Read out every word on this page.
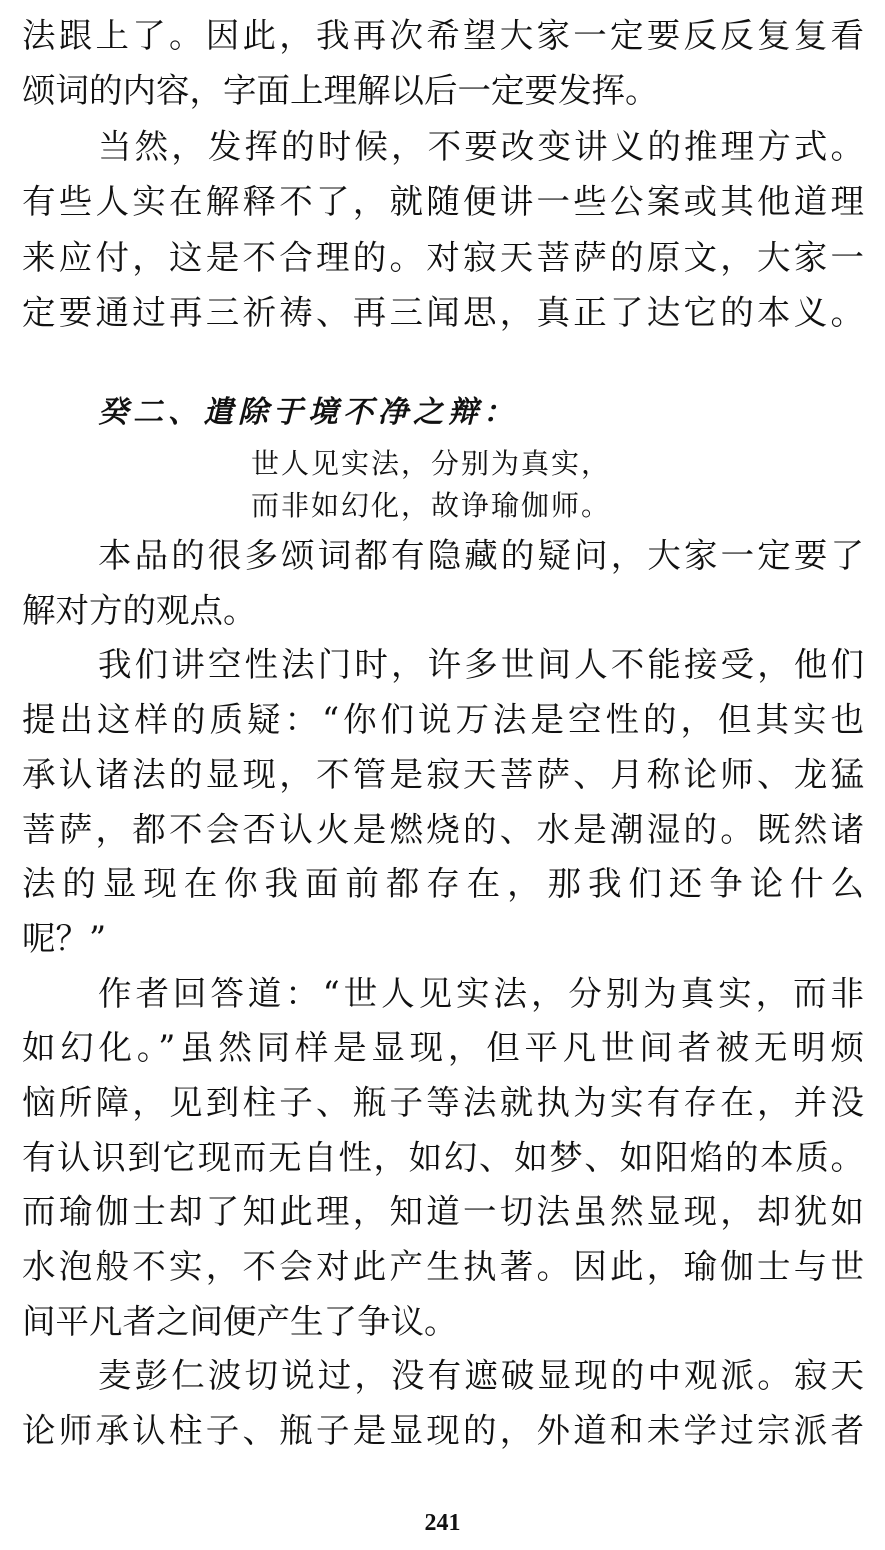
法跟上了。因此，我再次希望大家一定要反反复复看
颂词的内容，字面上理解以后一定要发挥。
当然，发挥的时候，不要改变讲义的推理方式。
有些人实在解释不了，就随便讲一些公案或其他道理
来应付，这是不合理的。对寂天菩萨的原文，大家一
定要通过再三祈祷、再三闻思，真正了达它的本义。
癸二、遣除于境不净之辩：
世人见实法，分别为真实，
而非如幻化，故诤瑜伽师。
本品的很多颂词都有隐藏的疑问，大家一定要了
解对方的观点。
我们讲空性法门时，许多世间人不能接受，他们
提出这样的质疑：“你们说万法是空性的，但其实也
承认诸法的显现，不管是寂天菩萨、月称论师、龙猛
菩萨，都不会否认火是燃烧的、水是潮湿的。既然诸
法的显现在你我面前都存在，那我们还争论什么
呢？”
作者回答道：“世人见实法，分别为真实，而非
如幻化。”虽然同样是显现，但平凡世间者被无明烦
恼所障，见到柱子、瓶子等法就执为实有存在，并没
有认识到它现而无自性，如幻、如梦、如阳焰的本质。
而瑜伽士却了知此理，知道一切法虽然显现，却犹如
水泡般不实，不会对此产生执著。因此，瑜伽士与世
间平凡者之间便产生了争议。
麦彭仁波切说过，没有遮破显现的中观派。寂天
论师承认柱子、瓶子是显现的，外道和未学过宗派者
241
